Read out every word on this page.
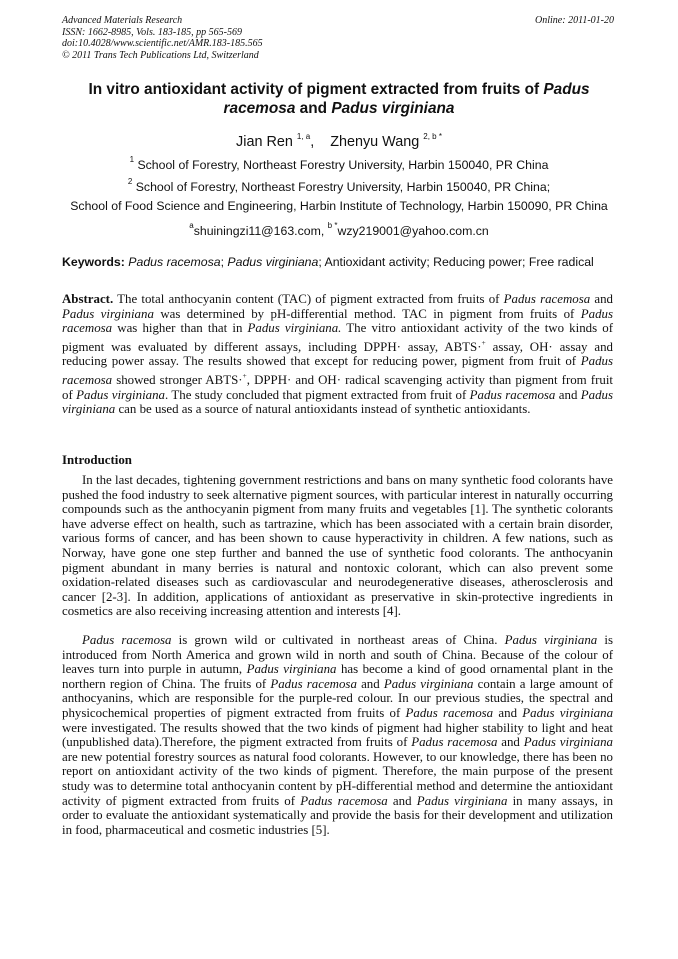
Advanced Materials Research
ISSN: 1662-8985, Vols. 183-185, pp 565-569
doi:10.4028/www.scientific.net/AMR.183-185.565
© 2011 Trans Tech Publications Ltd, Switzerland
Online: 2011-01-20
In vitro antioxidant activity of pigment extracted from fruits of Padus racemosa and Padus virginiana
Jian Ren $^{1, a}$, Zhenyu Wang $^{2, b *}$
$^1$ School of Forestry, Northeast Forestry University, Harbin 150040, PR China
$^2$ School of Forestry, Northeast Forestry University, Harbin 150040, PR China;
School of Food Science and Engineering, Harbin Institute of Technology, Harbin 150090, PR China
$^a$shuiningzi11@163.com, $^{b *}$wzy219001@yahoo.com.cn
Keywords: Padus racemosa; Padus virginiana; Antioxidant activity; Reducing power; Free radical
Abstract. The total anthocyanin content (TAC) of pigment extracted from fruits of Padus racemosa and Padus virginiana was determined by pH-differential method. TAC in pigment from fruits of Padus racemosa was higher than that in Padus virginiana. The vitro antioxidant activity of the two kinds of pigment was evaluated by different assays, including DPPH· assay, ABTS·+ assay, OH· assay and reducing power assay. The results showed that except for reducing power, pigment from fruit of Padus racemosa showed stronger ABTS·+, DPPH· and OH· radical scavenging activity than pigment from fruit of Padus virginiana. The study concluded that pigment extracted from fruit of Padus racemosa and Padus virginiana can be used as a source of natural antioxidants instead of synthetic antioxidants.
Introduction
In the last decades, tightening government restrictions and bans on many synthetic food colorants have pushed the food industry to seek alternative pigment sources, with particular interest in naturally occurring compounds such as the anthocyanin pigment from many fruits and vegetables [1]. The synthetic colorants have adverse effect on health, such as tartrazine, which has been associated with a certain brain disorder, various forms of cancer, and has been shown to cause hyperactivity in children. A few nations, such as Norway, have gone one step further and banned the use of synthetic food colorants. The anthocyanin pigment abundant in many berries is natural and nontoxic colorant, which can also prevent some oxidation-related diseases such as cardiovascular and neurodegenerative diseases, atherosclerosis and cancer [2-3]. In addition, applications of antioxidant as preservative in skin-protective ingredients in cosmetics are also receiving increasing attention and interests [4].
Padus racemosa is grown wild or cultivated in northeast areas of China. Padus virginiana is introduced from North America and grown wild in north and south of China. Because of the colour of leaves turn into purple in autumn, Padus virginiana has become a kind of good ornamental plant in the northern region of China. The fruits of Padus racemosa and Padus virginiana contain a large amount of anthocyanins, which are responsible for the purple-red colour. In our previous studies, the spectral and physicochemical properties of pigment extracted from fruits of Padus racemosa and Padus virginiana were investigated. The results showed that the two kinds of pigment had higher stability to light and heat (unpublished data).Therefore, the pigment extracted from fruits of Padus racemosa and Padus virginiana are new potential forestry sources as natural food colorants. However, to our knowledge, there has been no report on antioxidant activity of the two kinds of pigment. Therefore, the main purpose of the present study was to determine total anthocyanin content by pH-differential method and determine the antioxidant activity of pigment extracted from fruits of Padus racemosa and Padus virginiana in many assays, in order to evaluate the antioxidant systematically and provide the basis for their development and utilization in food, pharmaceutical and cosmetic industries [5].
